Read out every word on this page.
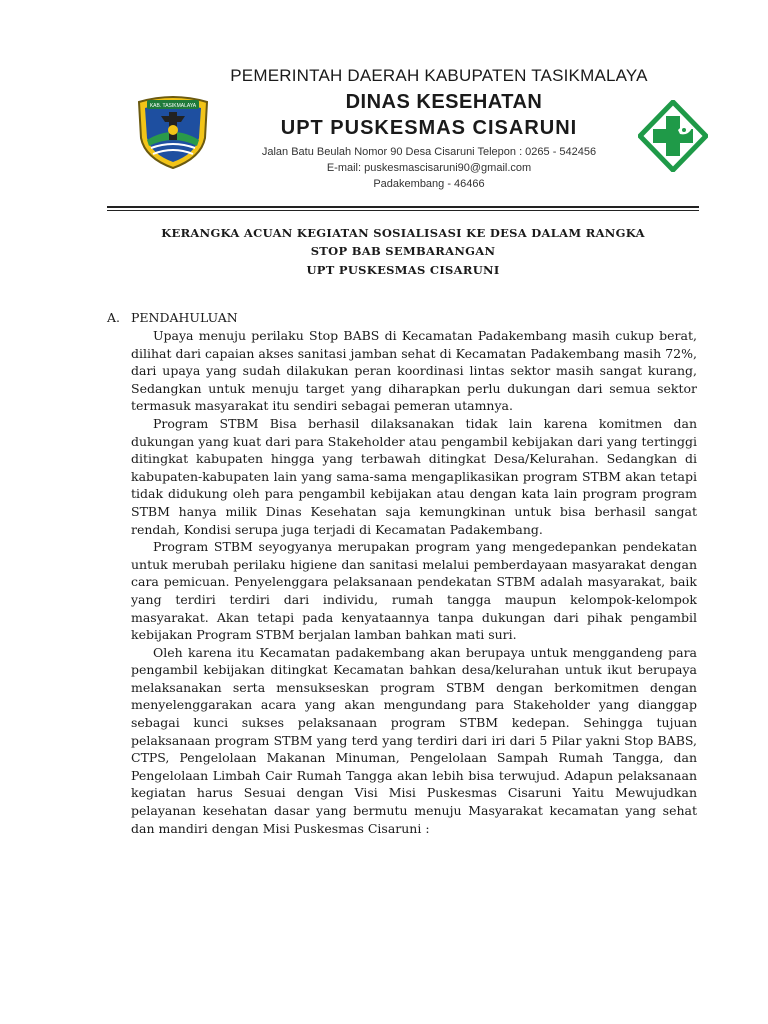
KAB. TASIKMALAYA
PEMERINTAH DAERAH KABUPATEN TASIKMALAYA
DINAS KESEHATAN
UPT PUSKESMAS CISARUNI
Jalan Batu Beulah Nomor 90 Desa Cisaruni Telepon : 0265 - 542456
E-mail: puskesmascisaruni90@gmail.com
Padakembang - 46466
KERANGKA ACUAN KEGIATAN SOSIALISASI KE DESA DALAM RANGKA
STOP BAB SEMBARANGAN
UPT PUSKESMAS CISARUNI
A. PENDAHULUAN

Upaya menuju perilaku Stop BABS di Kecamatan Padakembang masih cukup berat, dilihat dari capaian akses sanitasi jamban sehat di Kecamatan Padakembang masih 72%, dari upaya yang sudah dilakukan peran koordinasi lintas sektor masih sangat kurang, Sedangkan untuk menuju target yang diharapkan perlu dukungan dari semua sektor termasuk masyarakat itu sendiri sebagai pemeran utamnya.

Program STBM Bisa berhasil dilaksanakan tidak lain karena komitmen dan dukungan yang kuat dari para Stakeholder atau pengambil kebijakan dari yang tertinggi ditingkat kabupaten hingga yang terbawah ditingkat Desa/Kelurahan. Sedangkan di kabupaten-kabupaten lain yang sama-sama mengaplikasikan program STBM akan tetapi tidak didukung oleh para pengambil kebijakan atau dengan kata lain program program STBM hanya milik Dinas Kesehatan saja kemungkinan untuk bisa berhasil sangat rendah, Kondisi serupa juga terjadi di Kecamatan Padakembang.

Program STBM seyogyanya merupakan program yang mengedepankan pendekatan untuk merubah perilaku higiene dan sanitasi melalui pemberdayaan masyarakat dengan cara pemicuan. Penyelenggara pelaksanaan pendekatan STBM adalah masyarakat, baik yang terdiri terdiri dari individu, rumah tangga maupun kelompok-kelompok masyarakat. Akan tetapi pada kenyataannya tanpa dukungan dari pihak pengambil kebijakan Program STBM berjalan lamban bahkan mati suri.

Oleh karena itu Kecamatan padakembang akan berupaya untuk menggandeng para pengambil kebijakan ditingkat Kecamatan bahkan desa/kelurahan untuk ikut berupaya melaksanakan serta mensukseskan program STBM dengan berkomitmen dengan menyelenggarakan acara yang akan mengundang para Stakeholder yang dianggap sebagai kunci sukses pelaksanaan program STBM kedepan. Sehingga tujuan pelaksanaan program STBM yang terd yang terdiri dari iri dari 5 Pilar yakni Stop BABS, CTPS, Pengelolaan Makanan Minuman, Pengelolaan Sampah Rumah Tangga, dan Pengelolaan Limbah Cair Rumah Tangga akan lebih bisa terwujud. Adapun pelaksanaan kegiatan harus Sesuai dengan Visi Misi Puskesmas Cisaruni Yaitu Mewujudkan pelayanan kesehatan dasar yang bermutu menuju Masyarakat kecamatan yang sehat dan mandiri dengan Misi Puskesmas Cisaruni :
